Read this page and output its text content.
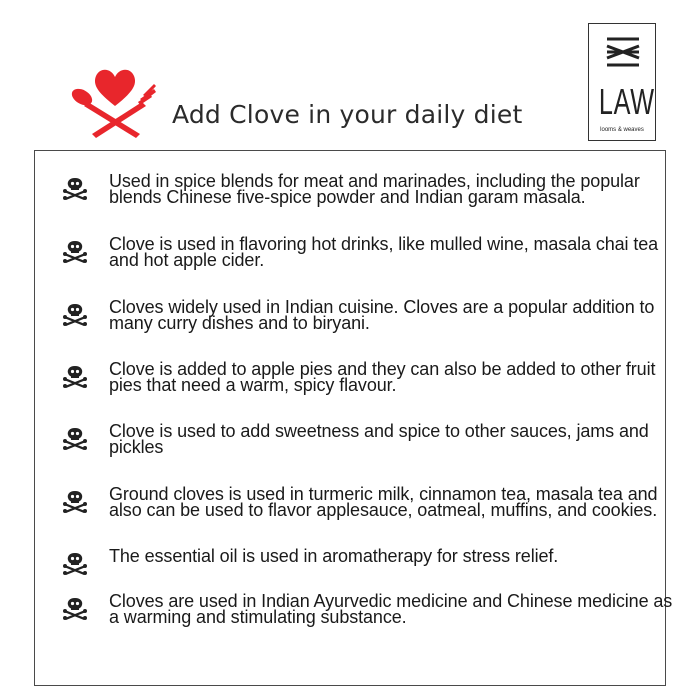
Add Clove in your daily diet LAW
looms & weaves
Used in spice blends for meat and marinades, including the popular
blends Chinese five-spice powder and Indian garam masala.
Clove is used in flavoring hot drinks, like mulled wine, masala chai tea
and hot apple cider.
Cloves widely used in Indian cuisine. Cloves are a popular addition to
many curry dishes and to biryani.
Clove is added to apple pies and they can also be added to other fruit
pies that need a warm, spicy flavour.
Clove is used to add sweetness and spice to other sauces, jams and
pickles
Ground cloves is used in turmeric milk, cinnamon tea, masala tea and
also can be used to flavor applesauce, oatmeal, muffins, and cookies.
The essential oil is used in aromatherapy for stress relief.
Cloves are used in Indian Ayurvedic medicine and Chinese medicine as
a warming and stimulating substance.
